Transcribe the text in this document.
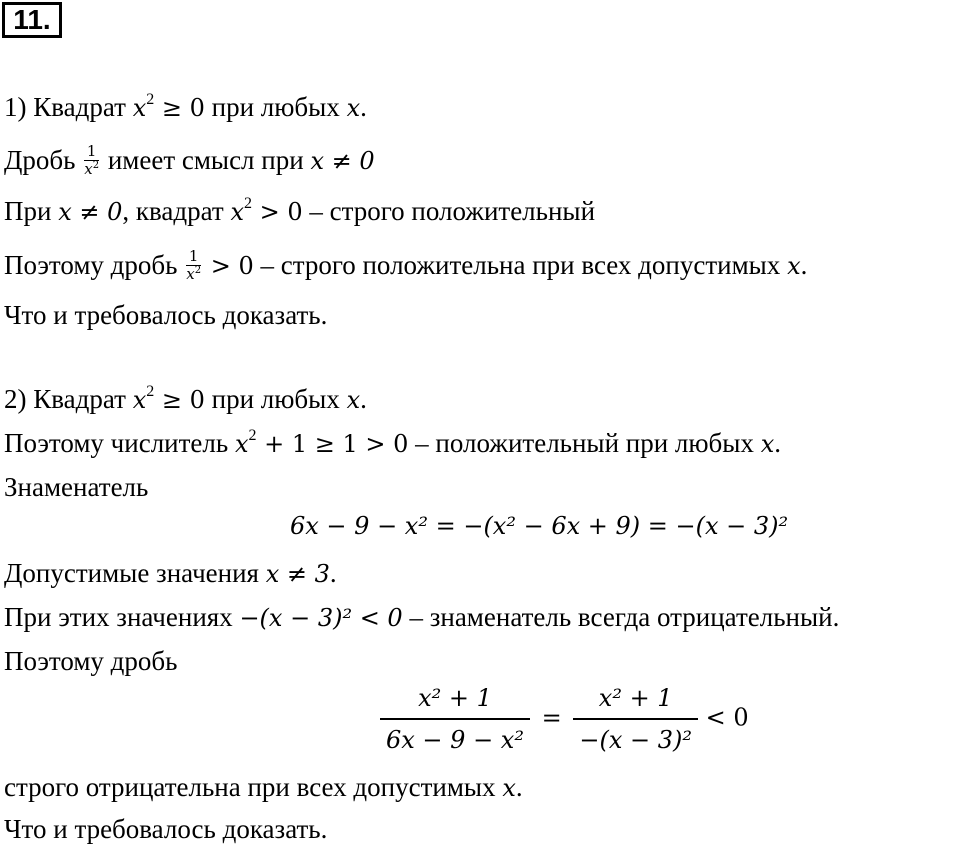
11.
1) Квадрат $x^2 \ge 0$ при любых x.
Дробь $\frac{1}{x^2}$ имеет смысл при x ≠ 0
При x ≠ 0, квадрат $x^2 > 0$ – строго положительный
Поэтому дробь $\frac{1}{x^2} > 0$ – строго положительна при всех допустимых x.
Что и требовалось доказать.
2) Квадрат $x^2 \ge 0$ при любых x.
Поэтому числитель $x^2 + 1 \ge 1 > 0$ – положительный при любых x.
Знаменатель
6x − 9 − x² = −(x² − 6x + 9) = −(x − 3)²
Допустимые значения x ≠ 3.
При этих значениях −(x − 3)² < 0 – знаменатель всегда отрицательный.
Поэтому дробь
$\frac{\text{x² + 1}}{\text{6x − 9 − x²}} = \frac{\text{x² + 1}}{\text{−(x − 3)²}} < 0$
строго отрицательна при всех допустимых x.
Что и требовалось доказать.
